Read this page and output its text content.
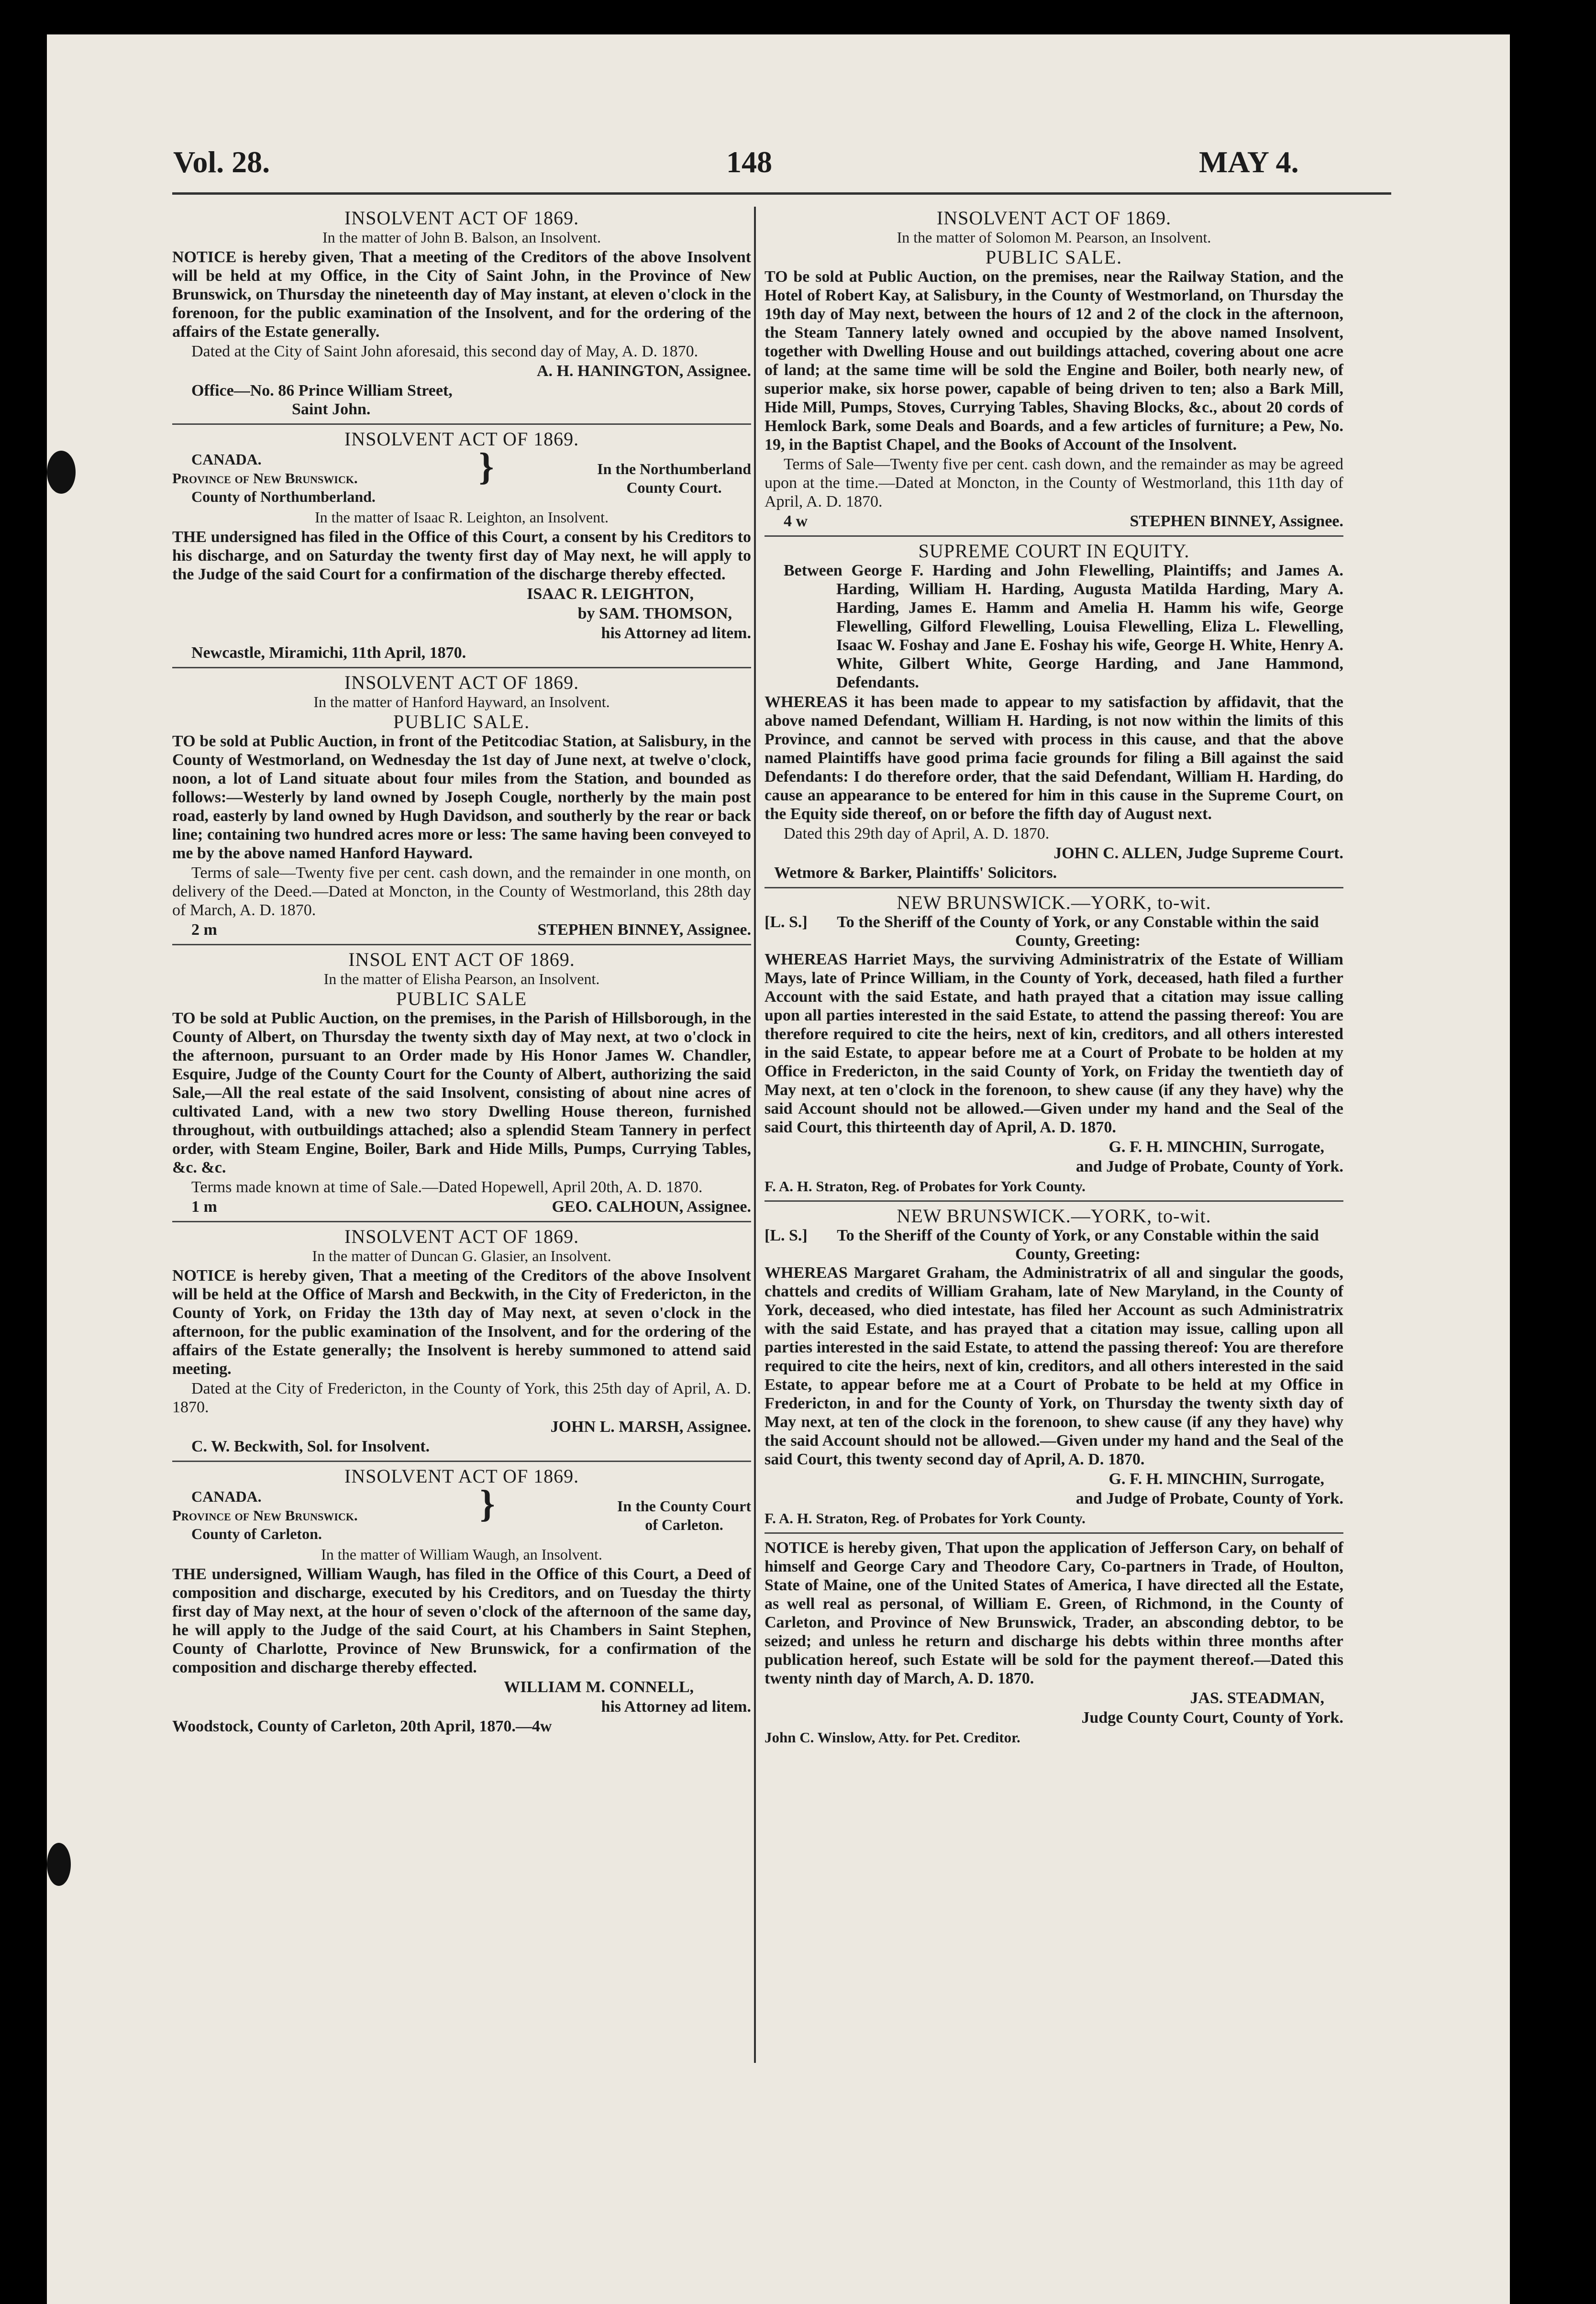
Vol. 28.	148	MAY 4.
INSOLVENT ACT OF 1869.
In the matter of John B. Balson, an Insolvent.

NOTICE is hereby given, That a meeting of the Creditors of the above Insolvent will be held at my Office, in the City of Saint John, in the Province of New Brunswick, on Thursday the nineteenth day of May instant, at eleven o'clock in the forenoon, for the public examination of the Insolvent, and for the ordering of the affairs of the Estate generally.

Dated at the City of Saint John aforesaid, this second day of May, A. D. 1870.

A. H. HANINGTON, Assignee.
Office—No. 86 Prince William Street,
Saint John.
INSOLVENT ACT OF 1869.
CANADA.
Province of New Brunswick.
County of Northumberland.
}	In the Northumberland
County Court.
In the matter of Isaac R. Leighton, an Insolvent.

THE undersigned has filed in the Office of this Court, a consent by his Creditors to his discharge, and on Saturday the twenty first day of May next, he will apply to the Judge of the said Court for a confirmation of the discharge thereby effected.

ISAAC R. LEIGHTON,
by SAM. THOMSON,
his Attorney ad litem.
Newcastle, Miramichi, 11th April, 1870.
INSOLVENT ACT OF 1869.
In the matter of Hanford Hayward, an Insolvent.
PUBLIC SALE.

TO be sold at Public Auction, in front of the Petitcodiac Station, at Salisbury, in the County of Westmorland, on Wednesday the 1st day of June next, at twelve o'clock, noon, a lot of Land situate about four miles from the Station, and bounded as follows:—Westerly by land owned by Joseph Cougle, northerly by the main post road, easterly by land owned by Hugh Davidson, and southerly by the rear or back line; containing two hundred acres more or less: The same having been conveyed to me by the above named Hanford Hayward.

Terms of sale—Twenty five per cent. cash down, and the remainder in one month, on delivery of the Deed.—Dated at Moncton, in the County of Westmorland, this 28th day of March, A. D. 1870.

2 m	STEPHEN BINNEY, Assignee.
INSOL ENT ACT OF 1869.
In the matter of Elisha Pearson, an Insolvent.
PUBLIC SALE

TO be sold at Public Auction, on the premises, in the Parish of Hillsborough, in the County of Albert, on Thursday the twenty sixth day of May next, at two o'clock in the afternoon, pursuant to an Order made by His Honor James W. Chandler, Esquire, Judge of the County Court for the County of Albert, authorizing the said Sale,—All the real estate of the said Insolvent, consisting of about nine acres of cultivated Land, with a new two story Dwelling House thereon, furnished throughout, with outbuildings attached; also a splendid Steam Tannery in perfect order, with Steam Engine, Boiler, Bark and Hide Mills, Pumps, Currying Tables, &c. &c.

Terms made known at time of Sale.—Dated Hopewell, April 20th, A. D. 1870.

1 m	GEO. CALHOUN, Assignee.
INSOLVENT ACT OF 1869.
In the matter of Duncan G. Glasier, an Insolvent.

NOTICE is hereby given, That a meeting of the Creditors of the above Insolvent will be held at the Office of Marsh and Beckwith, in the City of Fredericton, in the County of York, on Friday the 13th day of May next, at seven o'clock in the afternoon, for the public examination of the Insolvent, and for the ordering of the affairs of the Estate generally; the Insolvent is hereby summoned to attend said meeting.

Dated at the City of Fredericton, in the County of York, this 25th day of April, A. D. 1870.

JOHN L. MARSH, Assignee.
C. W. Beckwith, Sol. for Insolvent.
INSOLVENT ACT OF 1869.
CANADA.
Province of New Brunswick.
County of Carleton.
}	In the County Court
of Carleton.
In the matter of William Waugh, an Insolvent.

THE undersigned, William Waugh, has filed in the Office of this Court, a Deed of composition and discharge, executed by his Creditors, and on Tuesday the thirty first day of May next, at the hour of seven o'clock of the afternoon of the same day, he will apply to the Judge of the said Court, at his Chambers in Saint Stephen, County of Charlotte, Province of New Brunswick, for a confirmation of the composition and discharge thereby effected.

WILLIAM M. CONNELL,
his Attorney ad litem.
Woodstock, County of Carleton, 20th April, 1870.—4w
INSOLVENT ACT OF 1869.
In the matter of Solomon M. Pearson, an Insolvent.
PUBLIC SALE.

TO be sold at Public Auction, on the premises, near the Railway Station, and the Hotel of Robert Kay, at Salisbury, in the County of Westmorland, on Thursday the 19th day of May next, between the hours of 12 and 2 of the clock in the afternoon, the Steam Tannery lately owned and occupied by the above named Insolvent, together with Dwelling House and out buildings attached, covering about one acre of land; at the same time will be sold the Engine and Boiler, both nearly new, of superior make, six horse power, capable of being driven to ten; also a Bark Mill, Hide Mill, Pumps, Stoves, Currying Tables, Shaving Blocks, &c., about 20 cords of Hemlock Bark, some Deals and Boards, and a few articles of furniture; a Pew, No. 19, in the Baptist Chapel, and the Books of Account of the Insolvent.

Terms of Sale—Twenty five per cent. cash down, and the remainder as may be agreed upon at the time.—Dated at Moncton, in the County of Westmorland, this 11th day of April, A. D. 1870.

4 w	STEPHEN BINNEY, Assignee.
SUPREME COURT IN EQUITY.

Between George F. Harding and John Flewelling, Plaintiffs; and James A. Harding, William H. Harding, Augusta Matilda Harding, Mary A. Harding, James E. Hamm and Amelia H. Hamm his wife, George Flewelling, Gilford Flewelling, Louisa Flewelling, Eliza L. Flewelling, Isaac W. Foshay and Jane E. Foshay his wife, George H. White, Henry A. White, Gilbert White, George Harding, and Jane Hammond, Defendants.

WHEREAS it has been made to appear to my satisfaction by affidavit, that the above named Defendant, William H. Harding, is not now within the limits of this Province, and cannot be served with process in this cause, and that the above named Plaintiffs have good prima facie grounds for filing a Bill against the said Defendants: I do therefore order, that the said Defendant, William H. Harding, do cause an appearance to be entered for him in this cause in the Supreme Court, on the Equity side thereof, on or before the fifth day of August next.

Dated this 29th day of April, A. D. 1870.

JOHN C. ALLEN, Judge Supreme Court.
Wetmore & Barker, Plaintiffs' Solicitors.
NEW BRUNSWICK.—YORK, to-wit.
[L. S.]	To the Sheriff of the County of York, or any Constable within the said County, Greeting:

WHEREAS Harriet Mays, the surviving Administratrix of the Estate of William Mays, late of Prince William, in the County of York, deceased, hath filed a further Account with the said Estate, and hath prayed that a citation may issue calling upon all parties interested in the said Estate, to attend the passing thereof: You are therefore required to cite the heirs, next of kin, creditors, and all others interested in the said Estate, to appear before me at a Court of Probate to be holden at my Office in Fredericton, in the said County of York, on Friday the twentieth day of May next, at ten o'clock in the forenoon, to shew cause (if any they have) why the said Account should not be allowed.—Given under my hand and the Seal of the said Court, this thirteenth day of April, A. D. 1870.

G. F. H. MINCHIN, Surrogate,
and Judge of Probate, County of York.
F. A. H. Straton, Reg. of Probates for York County.
NEW BRUNSWICK.—YORK, to-wit.
[L. S.]	To the Sheriff of the County of York, or any Constable within the said County, Greeting:

WHEREAS Margaret Graham, the Administratrix of all and singular the goods, chattels and credits of William Graham, late of New Maryland, in the County of York, deceased, who died intestate, has filed her Account as such Administratrix with the said Estate, and has prayed that a citation may issue, calling upon all parties interested in the said Estate, to attend the passing thereof: You are therefore required to cite the heirs, next of kin, creditors, and all others interested in the said Estate, to appear before me at a Court of Probate to be held at my Office in Fredericton, in and for the County of York, on Thursday the twenty sixth day of May next, at ten of the clock in the forenoon, to shew cause (if any they have) why the said Account should not be allowed.—Given under my hand and the Seal of the said Court, this twenty second day of April, A. D. 1870.

G. F. H. MINCHIN, Surrogate,
and Judge of Probate, County of York.
F. A. H. Straton, Reg. of Probates for York County.

NOTICE is hereby given, That upon the application of Jefferson Cary, on behalf of himself and George Cary and Theodore Cary, Co-partners in Trade, of Houlton, State of Maine, one of the United States of America, I have directed all the Estate, as well real as personal, of William E. Green, of Richmond, in the County of Carleton, and Province of New Brunswick, Trader, an absconding debtor, to be seized; and unless he return and discharge his debts within three months after publication hereof, such Estate will be sold for the payment thereof.—Dated this twenty ninth day of March, A. D. 1870.

JAS. STEADMAN,
Judge County Court, County of York.
John C. Winslow, Atty. for Pet. Creditor.
